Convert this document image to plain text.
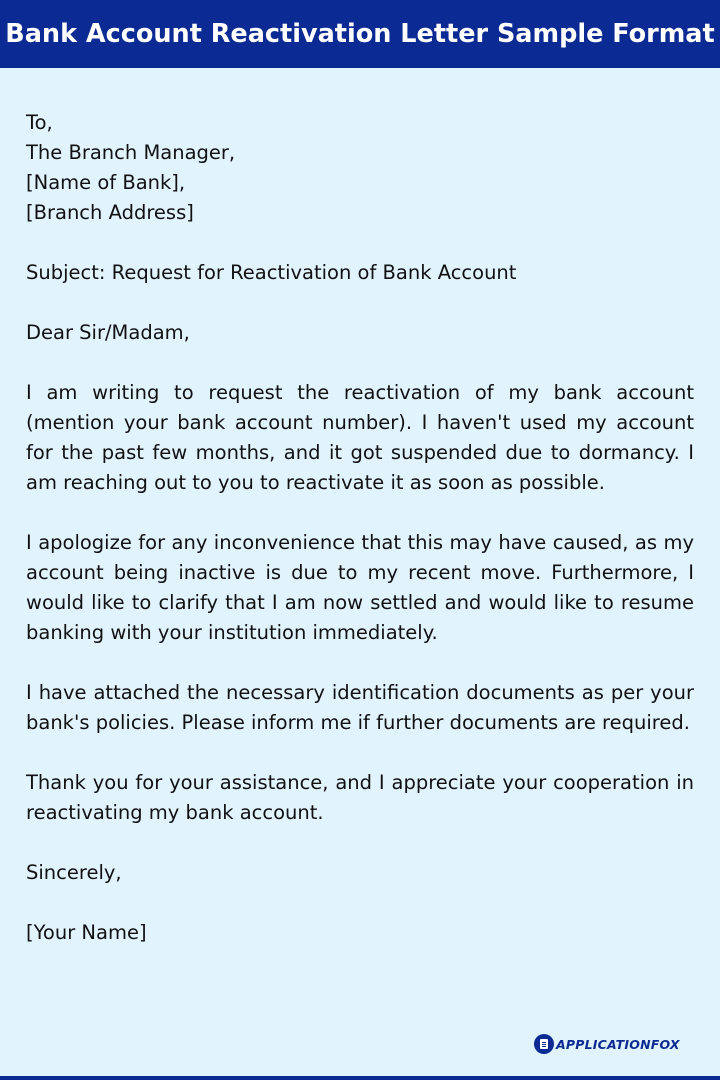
Bank Account Reactivation Letter Sample Format
To,
The Branch Manager,
[Name of Bank],
[Branch Address]
Subject: Request for Reactivation of Bank Account
Dear Sir/Madam,
I am writing to request the reactivation of my bank account (mention your bank account number). I haven't used my account for the past few months, and it got suspended due to dormancy. I am reaching out to you to reactivate it as soon as possible.
I apologize for any inconvenience that this may have caused, as my account being inactive is due to my recent move. Furthermore, I would like to clarify that I am now settled and would like to resume banking with your institution immediately.
I have attached the necessary identification documents as per your bank's policies. Please inform me if further documents are required.
Thank you for your assistance, and I appreciate your cooperation in reactivating my bank account.
Sincerely,
[Your Name]
APPLICATIONFOX
